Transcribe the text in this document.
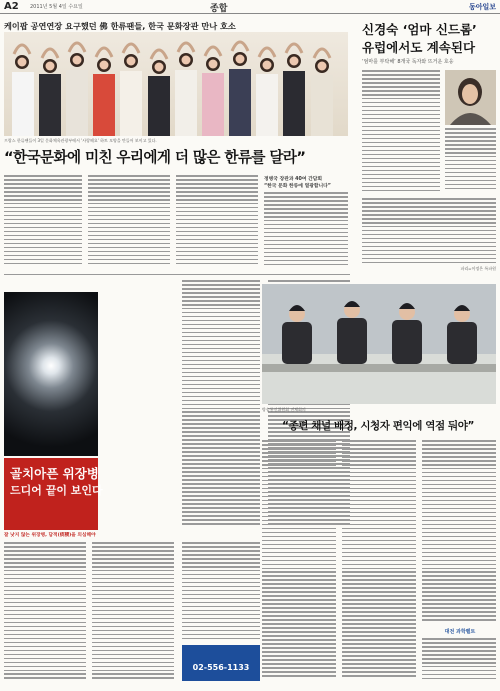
A2 2011년 5월 4일 수요일	종합	동아일보
케이팝 공연연장 요구했던 佛 한류팬들, 한국 문화장관 만나 호소
프랑스 한류팬들이 3일 문화체육관광부에서 '사랑해요' 하트 모양을 만들어 보이고 있다.
“한국문화에 미친 우리에게 더 많은 한류를 달라”
정병국 장관과 40여 간담회
“한국 문화 한류에 열광합니다”
신경숙 ‘엄마 신드롬’
유럽에서도 계속된다
‘엄마를 부탁해’ 8개국 독자와 뜨거운 호응
파리=이정은 특파원
골치아픈 위장병
드디어 끝이 보인다
잘 낫지 않는 위장병, 담적(痰積)을 의심해야
02-556-1133
방송통신위원회 전체회의
“종편 채널 배정, 시청자 편익에 역점 둬야”
대전 과학벨트
